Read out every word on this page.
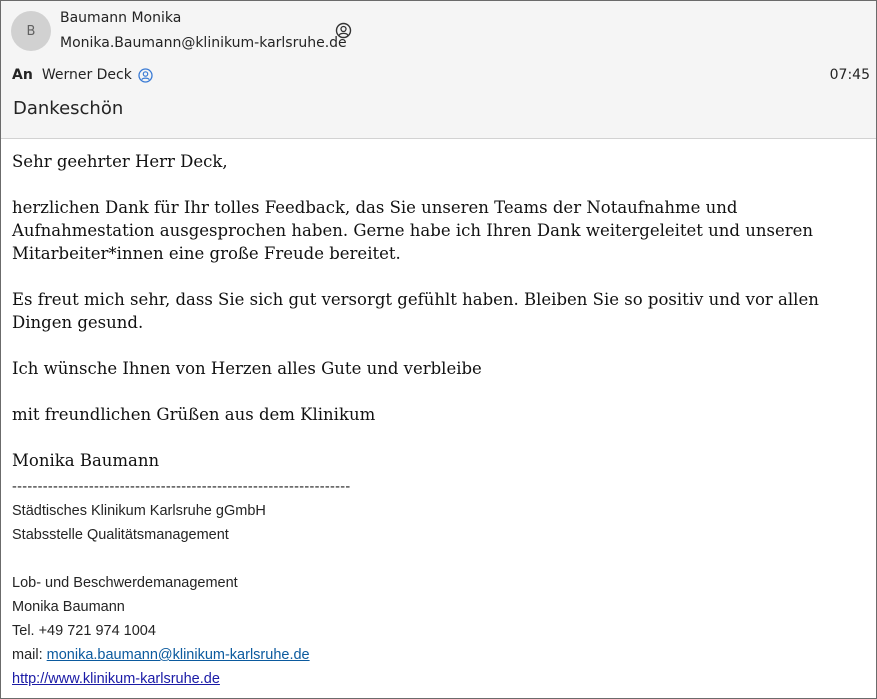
B
Baumann Monika
Monika.Baumann@klinikum-karlsruhe.de
An Werner Deck	07:45
Dankeschön

Sehr geehrter Herr Deck,

herzlichen Dank für Ihr tolles Feedback, das Sie unseren Teams der Notaufnahme und Aufnahmestation ausgesprochen haben. Gerne habe ich Ihren Dank weitergeleitet und unseren Mitarbeiter*innen eine große Freude bereitet.

Es freut mich sehr, dass Sie sich gut versorgt gefühlt haben. Bleiben Sie so positiv und vor allen Dingen gesund.

Ich wünsche Ihnen von Herzen alles Gute und verbleibe

mit freundlichen Grüßen aus dem Klinikum

Monika Baumann

------------------------------------------------------------------
Städtisches Klinikum Karlsruhe gGmbH
Stabsstelle Qualitätsmanagement
Lob- und Beschwerdemanagement
Monika Baumann
Tel. +49 721 974 1004
mail: monika.baumann@klinikum-karlsruhe.de
http://www.klinikum-karlsruhe.de
